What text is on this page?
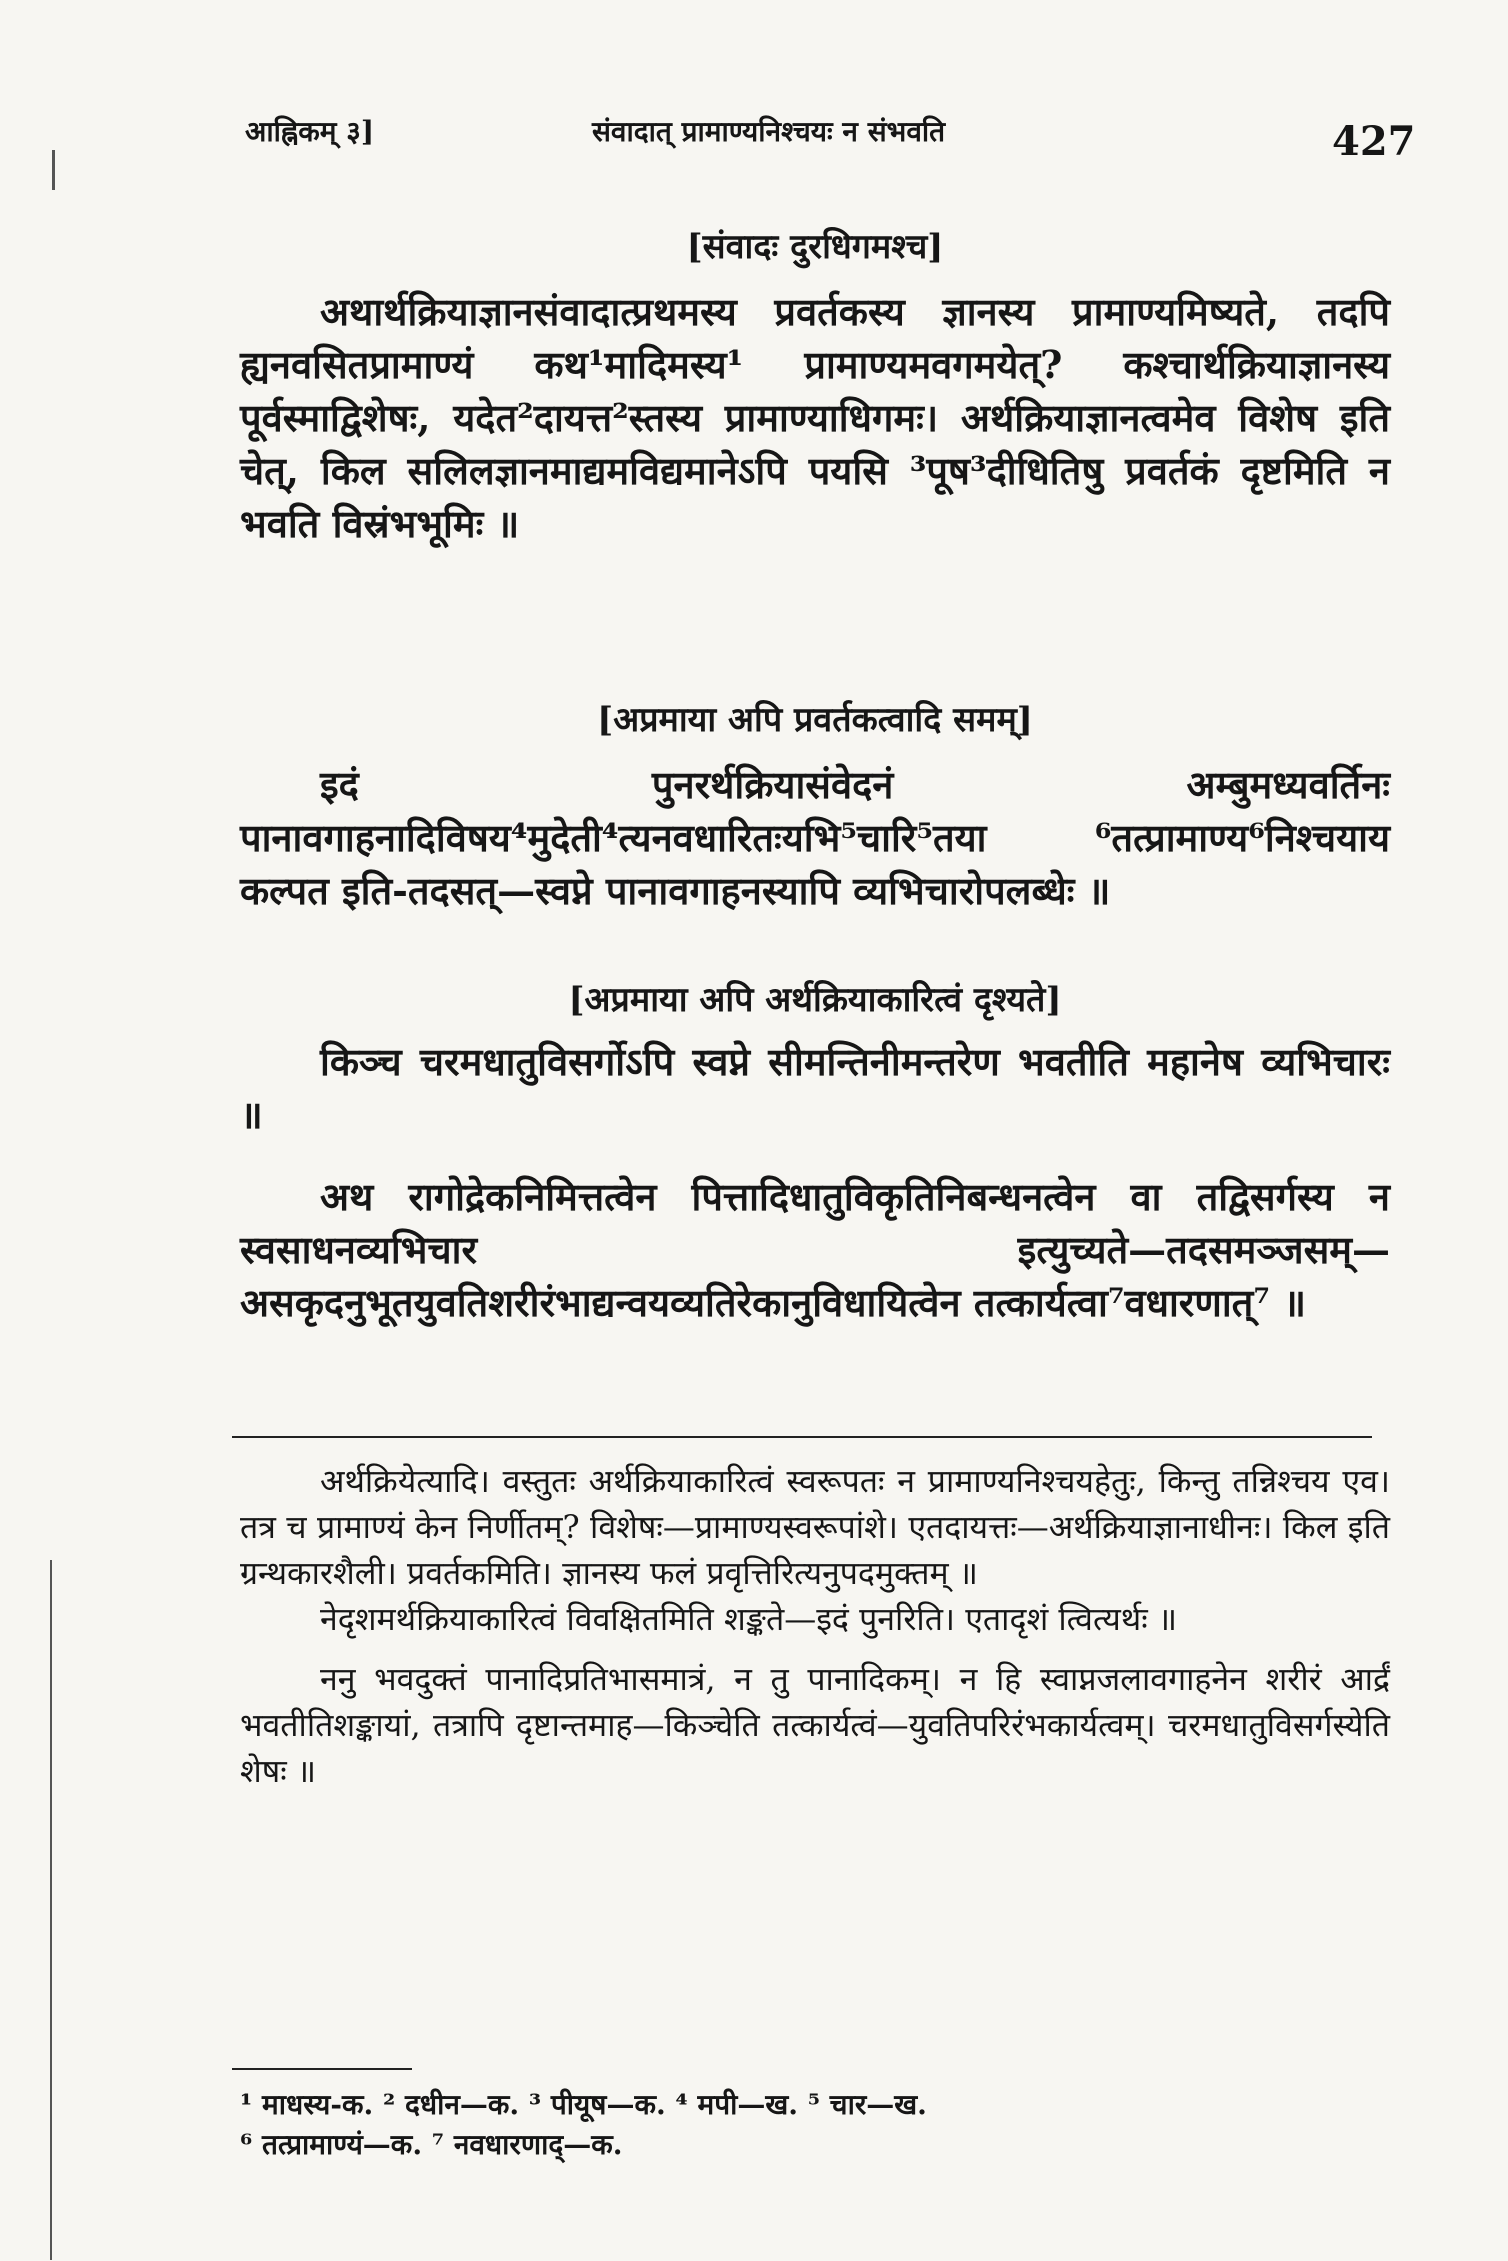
आह्निकम् ३]	संवादात् प्रामाण्यनिश्चयः न संभवति	427
[संवादः दुरधिगमश्च]

अथार्थक्रियाज्ञानसंवादात्प्रथमस्य प्रवर्तकस्य ज्ञानस्य प्रामाण्यमिष्यते, तदपि ह्यनवसितप्रामाण्यं कथ¹मादिमस्य¹ प्रामाण्यमवगमयेत्? कश्चार्थक्रियाज्ञानस्य पूर्वस्माद्विशेषः, यदेत²दायत्त²स्तस्य प्रामाण्याधिगमः। अर्थक्रियाज्ञानत्वमेव विशेष इति चेत्, किल सलिलज्ञानमाद्यमविद्यमानेऽपि पयसि ³पूष³दीधितिषु प्रवर्तकं दृष्टमिति न भवति विस्रंभभूमिः ॥

[अप्रमाया अपि प्रवर्तकत्वादि समम्]

इदं पुनरर्थक्रियासंवेदनं अम्बुमध्यवर्तिनः पानावगाहनादिविषय⁴मुदेती⁴त्यनवधारितःयभि⁵चारि⁵तया ⁶तत्प्रामाण्य⁶निश्चयाय कल्पत इति-तदसत्—स्वप्ने पानावगाहनस्यापि व्यभिचारोपलब्धेः ॥

[अप्रमाया अपि अर्थक्रियाकारित्वं दृश्यते]

किञ्च चरमधातुविसर्गोऽपि स्वप्ने सीमन्तिनीमन्तरेण भवतीति महानेष व्यभिचारः ॥

अथ रागोद्रेकनिमित्तत्वेन पित्तादिधातुविकृतिनिबन्धनत्वेन वा तद्विसर्गस्य न स्वसाधनव्यभिचार इत्युच्यते—तदसमञ्जसम्—असकृदनुभूतयुवतिशरीरंभाद्यन्वयव्यतिरेकानुविधायित्वेन तत्कार्यत्वा⁷वधारणात्⁷ ॥

अर्थक्रियेत्यादि। वस्तुतः अर्थक्रियाकारित्वं स्वरूपतः न प्रामाण्यनिश्चयहेतुः, किन्तु तन्निश्चय एव। तत्र च प्रामाण्यं केन निर्णीतम्? विशेषः—प्रामाण्यस्वरूपांशे। एतदायत्तः—अर्थक्रियाज्ञानाधीनः। किल इति ग्रन्थकारशैली। प्रवर्तकमिति। ज्ञानस्य फलं प्रवृत्तिरित्यनुपदमुक्तम् ॥

नेदृशमर्थक्रियाकारित्वं विवक्षितमिति शङ्कते—इदं पुनरिति। एतादृशं त्वित्यर्थः ॥

ननु भवदुक्तं पानादिप्रतिभासमात्रं, न तु पानादिकम्। न हि स्वाप्नजलावगाहनेन शरीरं आर्द्रं भवतीतिशङ्कायां, तत्रापि दृष्टान्तमाह—किञ्चेति तत्कार्यत्वं—युवतिपरिरंभकार्यत्वम्। चरमधातुविसर्गस्येति शेषः ॥

¹ माधस्य-क. ² दधीन—क. ³ पीयूष—क. ⁴ मपी—ख. ⁵ चार—ख.
⁶ तत्प्रामाण्यं—क. ⁷ नवधारणाद्—क.
